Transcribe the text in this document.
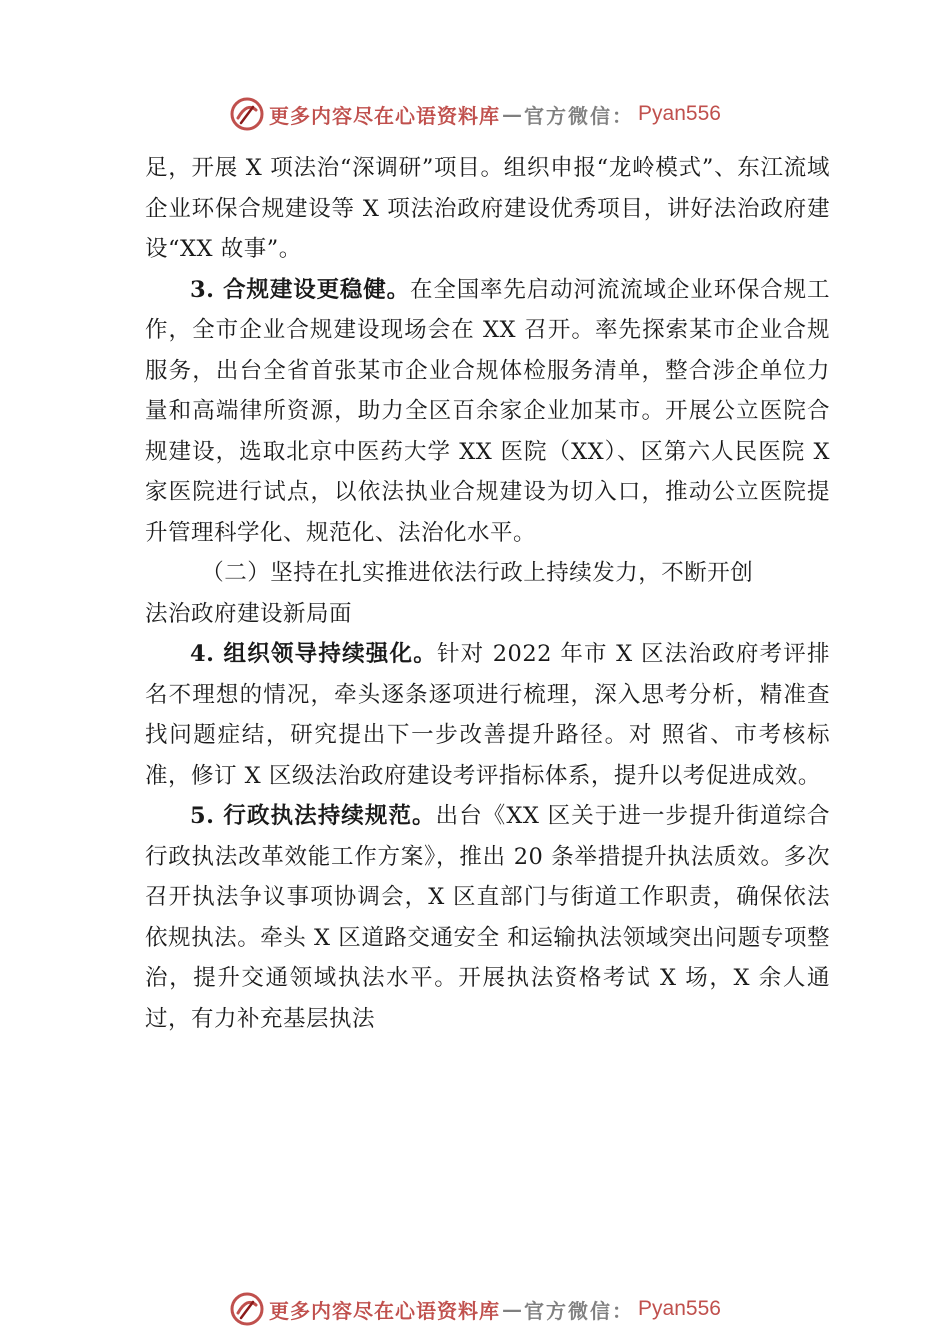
更多内容尽在心语资料库 — 官方微信： Pyan556

足，开展 X 项法治“深调研”项目。组织申报“龙岭模式”、东江流域企业环保合规建设等 X 项法治政府建设优秀项目，讲好法治政府建设“XX 故事”。

3. 合规建设更稳健。在全国率先启动河流流域企业环保合规工作，全市企业合规建设现场会在 XX 召开。率先探索某市企业合规服务，出台全省首张某市企业合规体检服务清单，整合涉企单位力量和高端律所资源，助力全区百余家企业加某市。开展公立医院合规建设，选取北京中医药大学 XX 医院（XX）、区第六人民医院 X 家医院进行试点，以依法执业合规建设为切入口，推动公立医院提升管理科学化、规范化、法治化水平。

（二）坚持在扎实推进依法行政上持续发力，不断开创

法治政府建设新局面

4. 组织领导持续强化。针对 2022 年市 X 区法治政府考评排名不理想的情况，牵头逐条逐项进行梳理，深入思考分析，精准查找问题症结，研究提出下一步改善提升路径。对 照省、市考核标准，修订 X 区级法治政府建设考评指标体系，提升以考促进成效。

5. 行政执法持续规范。出台《XX 区关于进一步提升街道综合行政执法改革效能工作方案》，推出 20 条举措提升执法质效。多次召开执法争议事项协调会，X 区直部门与街道工作职责，确保依法依规执法。牵头 X 区道路交通安全 和运输执法领域突出问题专项整治，提升交通领域执法水平。开展执法资格考试 X 场，X 余人通过，有力补充基层执法

更多内容尽在心语资料库 — 官方微信： Pyan556
